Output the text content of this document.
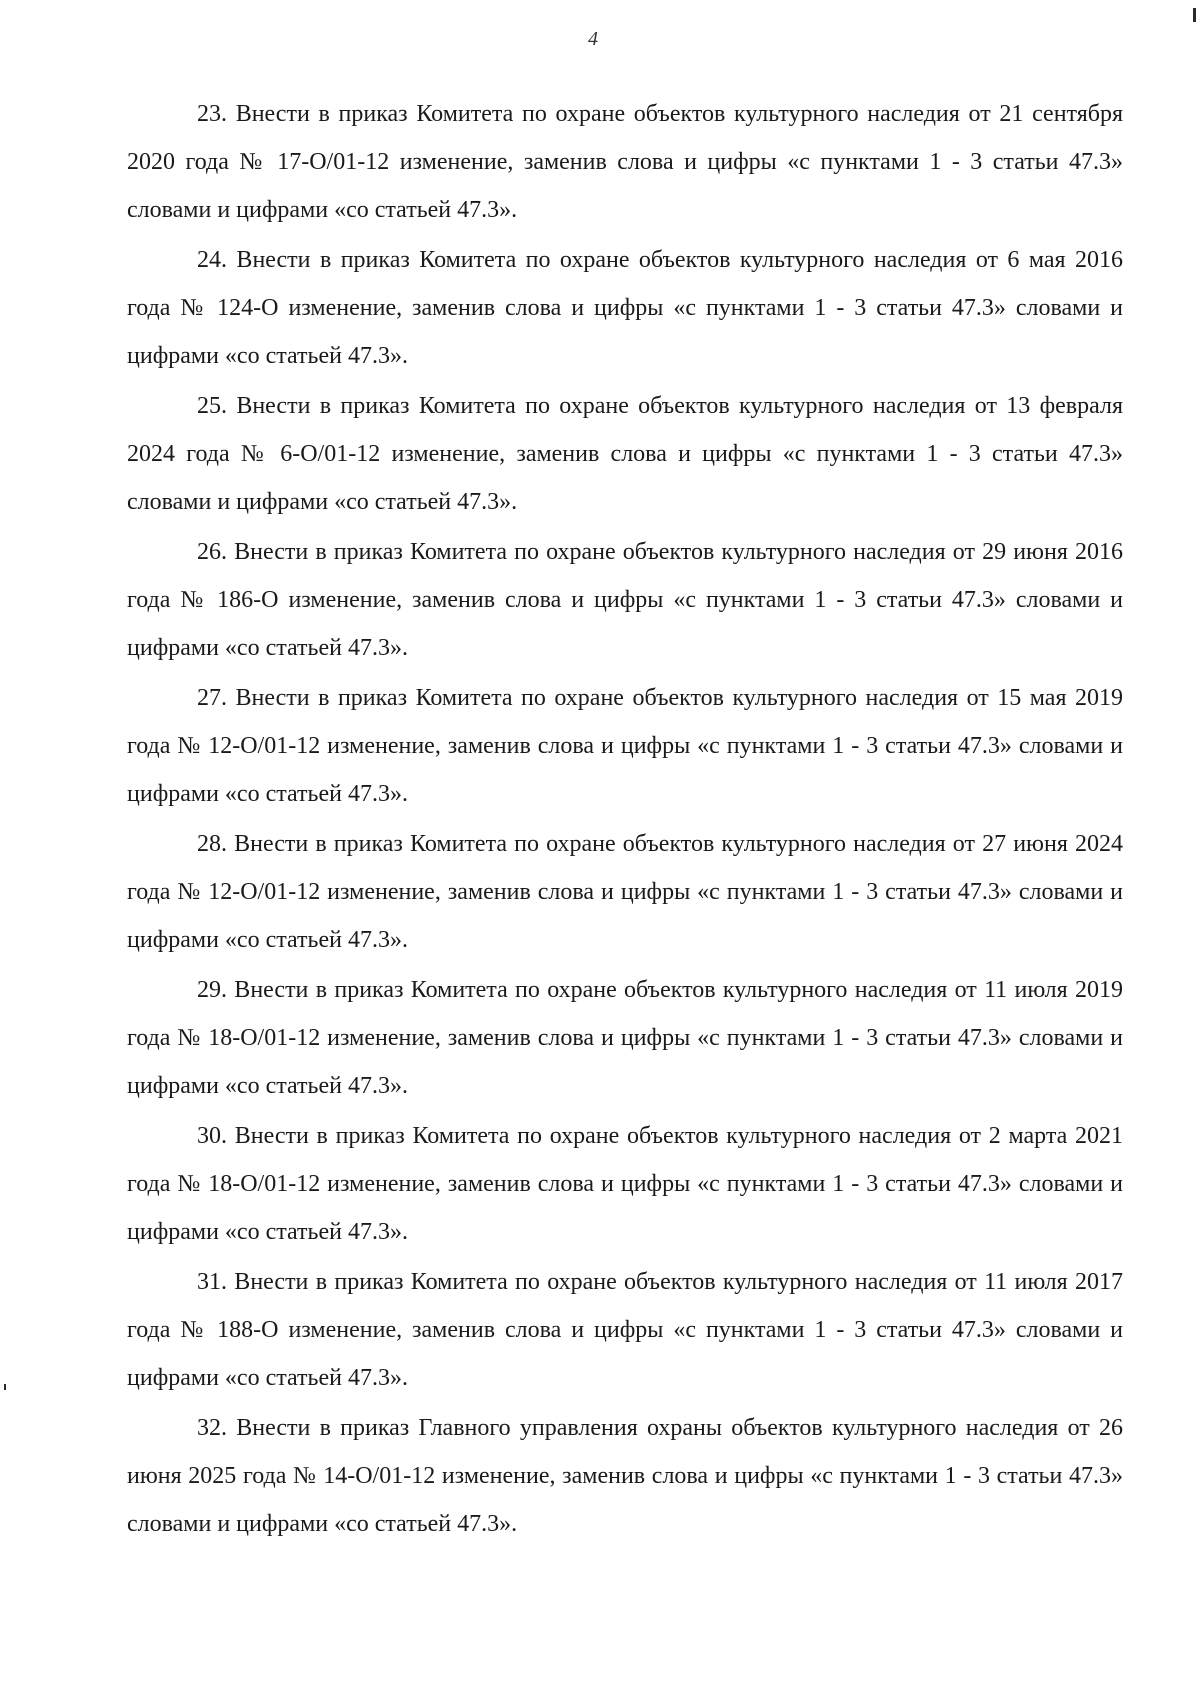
4

23. Внести в приказ Комитета по охране объектов культурного наследия от 21 сентября 2020 года № 17-О/01-12 изменение, заменив слова и цифры «с пунктами 1 - 3 статьи 47.3» словами и цифрами «со статьей 47.3».

24. Внести в приказ Комитета по охране объектов культурного наследия от 6 мая 2016 года № 124-О изменение, заменив слова и цифры «с пунктами 1 - 3 статьи 47.3» словами и цифрами «со статьей 47.3».

25. Внести в приказ Комитета по охране объектов культурного наследия от 13 февраля 2024 года № 6-О/01-12 изменение, заменив слова и цифры «с пунктами 1 - 3 статьи 47.3» словами и цифрами «со статьей 47.3».

26. Внести в приказ Комитета по охране объектов культурного наследия от 29 июня 2016 года № 186-О изменение, заменив слова и цифры «с пунктами 1 - 3 статьи 47.3» словами и цифрами «со статьей 47.3».

27. Внести в приказ Комитета по охране объектов культурного наследия от 15 мая 2019 года № 12-О/01-12 изменение, заменив слова и цифры «с пунктами 1 - 3 статьи 47.3» словами и цифрами «со статьей 47.3».

28. Внести в приказ Комитета по охране объектов культурного наследия от 27 июня 2024 года № 12-О/01-12 изменение, заменив слова и цифры «с пунктами 1 - 3 статьи 47.3» словами и цифрами «со статьей 47.3».

29. Внести в приказ Комитета по охране объектов культурного наследия от 11 июля 2019 года № 18-О/01-12 изменение, заменив слова и цифры «с пунктами 1 - 3 статьи 47.3» словами и цифрами «со статьей 47.3».

30. Внести в приказ Комитета по охране объектов культурного наследия от 2 марта 2021 года № 18-О/01-12 изменение, заменив слова и цифры «с пунктами 1 - 3 статьи 47.3» словами и цифрами «со статьей 47.3».

31. Внести в приказ Комитета по охране объектов культурного наследия от 11 июля 2017 года № 188-О изменение, заменив слова и цифры «с пунктами 1 - 3 статьи 47.3» словами и цифрами «со статьей 47.3».

32. Внести в приказ Главного управления охраны объектов культурного наследия от 26 июня 2025 года № 14-О/01-12 изменение, заменив слова и цифры «с пунктами 1 - 3 статьи 47.3» словами и цифрами «со статьей 47.3».
